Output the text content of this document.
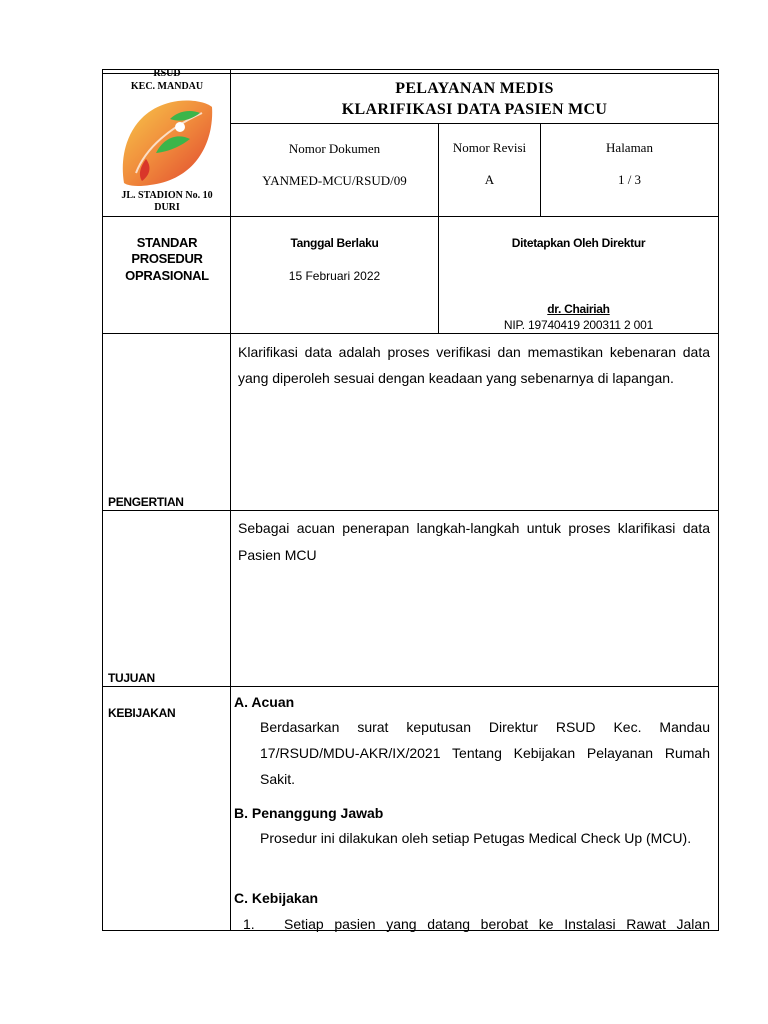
RSUD
KEC. MANDAU
JL. STADION No. 10
DURI
PELAYANAN MEDIS
KLARIFIKASI DATA PASIEN MCU
Nomor Dokumen
YANMED-MCU/RSUD/09
Nomor Revisi
A
Halaman
1 / 3
STANDAR
PROSEDUR
OPRASIONAL
Tanggal Berlaku
15 Februari 2022
Ditetapkan Oleh Direktur
dr. Chairiah
NIP. 19740419 200311 2 001
PENGERTIAN
Klarifikasi data adalah proses verifikasi dan memastikan kebenaran data yang diperoleh sesuai dengan keadaan yang sebenarnya di lapangan.
TUJUAN
Sebagai acuan penerapan langkah-langkah untuk proses klarifikasi data Pasien MCU
KEBIJAKAN
A. Acuan
Berdasarkan surat keputusan Direktur RSUD Kec. Mandau 17/RSUD/MDU-AKR/IX/2021 Tentang Kebijakan Pelayanan Rumah Sakit.
B. Penanggung Jawab
Prosedur ini dilakukan oleh setiap Petugas Medical Check Up (MCU).
C. Kebijakan
1.	Setiap pasien yang datang berobat ke Instalasi Rawat Jalan
